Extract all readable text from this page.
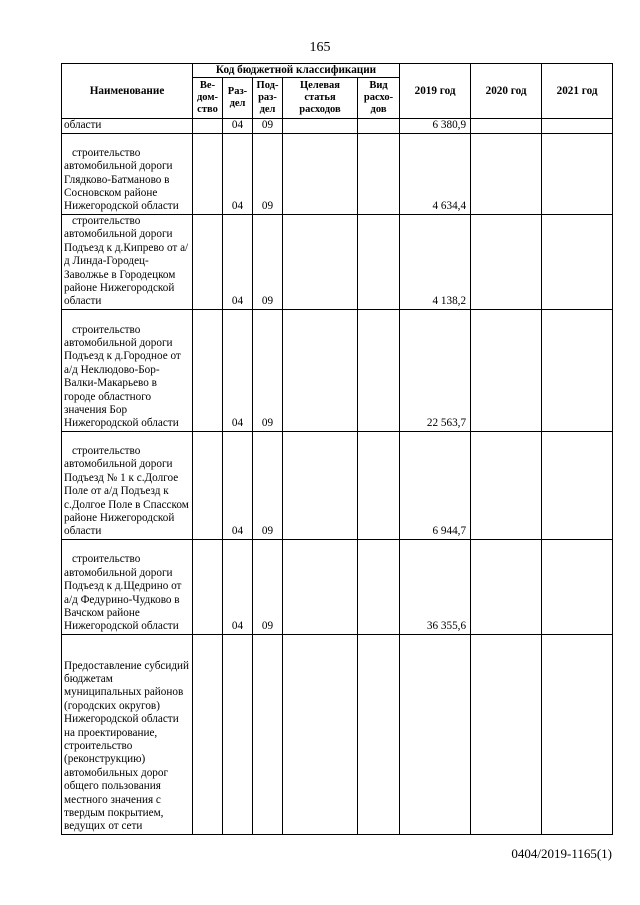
165
Наименование	Код бюджетной классификации					2019 год	2020 год	2021 год
	Ве-
дом-
ство	Раз-
дел	Под-
раз-
дел	Целевая
статья
расходов	Вид
расхо-
дов			
области		04	09			6 380,9		
строительство автомобильной дороги Глядково-Батманово в Сосновском районе Нижегородской области		04	09			4 634,4		
строительство автомобильной дороги Подъезд к д.Кипрево от а/д Линда-Городец-Заволжье в Городецком районе Нижегородской области		04	09			4 138,2		
строительство автомобильной дороги Подъезд к д.Городное от а/д Неклюдово-Бор-Валки-Макарьево в городе областного значения Бор Нижегородской области		04	09			22 563,7		
строительство автомобильной дороги Подъезд № 1 к с.Долгое Поле от а/д Подъезд к с.Долгое Поле в Спасском районе Нижегородской области		04	09			6 944,7		
строительство автомобильной дороги Подъезд к д.Щедрино от а/д Федурино-Чудково в Вачском районе Нижегородской области		04	09			36 355,6		
Предоставление субсидий бюджетам муниципальных районов (городских округов) Нижегородской области на проектирование, строительство (реконструкцию) автомобильных дорог общего пользования местного значения с твердым покрытием, ведущих от сети								
0404/2019-1165(1)
